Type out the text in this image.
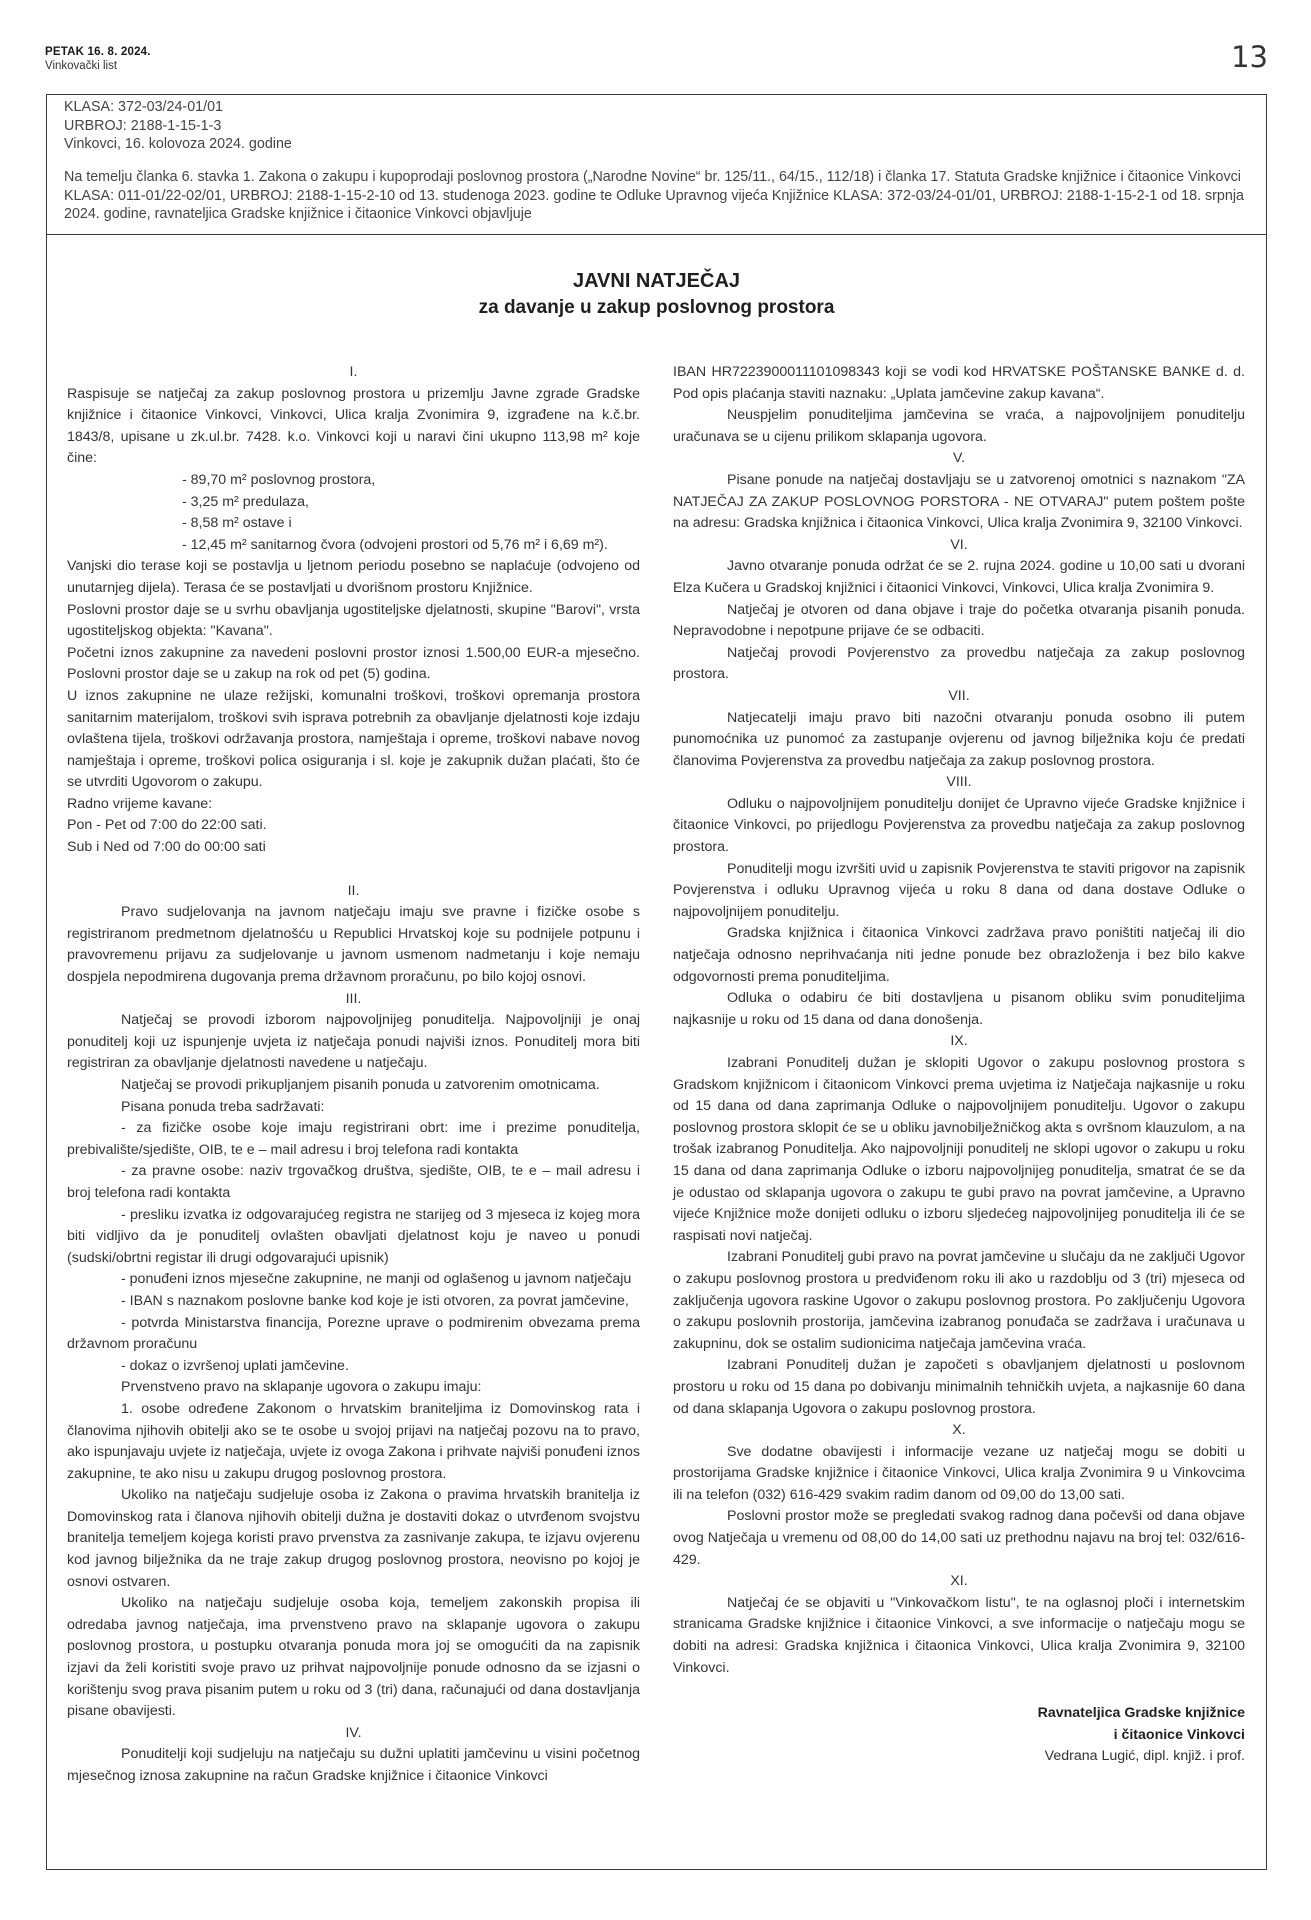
PETAK 16. 8. 2024.
Vinkovački list	13
KLASA: 372-03/24-01/01
URBROJ: 2188-1-15-1-3
Vinkovci, 16. kolovoza 2024. godine
Na temelju članka 6. stavka 1. Zakona o zakupu i kupoprodaji poslovnog prostora („Narodne Novine“ br. 125/11., 64/15., 112/18) i članka 17. Statuta Gradske knjižnice i čitaonice Vinkovci KLASA: 011-01/22-02/01, URBROJ: 2188-1-15-2-10 od 13. studenoga 2023. godine te Odluke Upravnog vijeća Knjižnice KLASA: 372-03/24-01/01, URBROJ: 2188-1-15-2-1 od 18. srpnja 2024. godine, ravnateljica Gradske knjižnice i čitaonice Vinkovci objavljuje
JAVNI NATJEČAJ
za davanje u zakup poslovnog prostora
I.
Raspisuje se natječaj za zakup poslovnog prostora u prizemlju Javne zgrade Gradske knjižnice i čitaonice Vinkovci, Vinkovci, Ulica kralja Zvonimira 9, izgrađene na k.č.br. 1843/8, upisane u zk.ul.br. 7428. k.o. Vinkovci koji u naravi čini ukupno 113,98 m² koje čine:
- 89,70 m² poslovnog prostora,
- 3,25 m² predulaza,
- 8,58 m² ostave i
- 12,45 m² sanitarnog čvora (odvojeni prostori od 5,76 m² i 6,69 m²).
Vanjski dio terase koji se postavlja u ljetnom periodu posebno se naplaćuje (odvojeno od unutarnjeg dijela). Terasa će se postavljati u dvorišnom prostoru Knjižnice.
Poslovni prostor daje se u svrhu obavljanja ugostiteljske djelatnosti, skupine "Barovi", vrsta ugostiteljskog objekta: "Kavana".
Početni iznos zakupnine za navedeni poslovni prostor iznosi 1.500,00 EUR-a mjesečno. Poslovni prostor daje se u zakup na rok od pet (5) godina.
U iznos zakupnine ne ulaze režijski, komunalni troškovi, troškovi opremanja prostora sanitarnim materijalom, troškovi svih isprava potrebnih za obavljanje djelatnosti koje izdaju ovlaštena tijela, troškovi održavanja prostora, namještaja i opreme, troškovi nabave novog namještaja i opreme, troškovi polica osiguranja i sl. koje je zakupnik dužan plaćati, što će se utvrditi Ugovorom o zakupu.
Radno vrijeme kavane:
Pon - Pet od 7:00 do 22:00 sati.
Sub i Ned od 7:00 do 00:00 sati
II.
Pravo sudjelovanja na javnom natječaju imaju sve pravne i fizičke osobe s registriranom predmetnom djelatnošću u Republici Hrvatskoj koje su podnijele potpunu i pravovremenu prijavu za sudjelovanje u javnom usmenom nadmetanju i koje nemaju dospjela nepodmirena dugovanja prema državnom proračunu, po bilo kojoj osnovi.
III.
Natječaj se provodi izborom najpovoljnijeg ponuditelja. Najpovoljniji je onaj ponuditelj koji uz ispunjenje uvjeta iz natječaja ponudi najviši iznos. Ponuditelj mora biti registriran za obavljanje djelatnosti navedene u natječaju.
Natječaj se provodi prikupljanjem pisanih ponuda u zatvorenim omotnicama.
Pisana ponuda treba sadržavati:
- za fizičke osobe koje imaju registrirani obrt: ime i prezime ponuditelja, prebivalište/sjedište, OIB, te e – mail adresu i broj telefona radi kontakta
- za pravne osobe: naziv trgovačkog društva, sjedište, OIB, te e – mail adresu i broj telefona radi kontakta
- presliku izvatka iz odgovarajućeg registra ne starijeg od 3 mjeseca iz kojeg mora biti vidljivo da je ponuditelj ovlašten obavljati djelatnost koju je naveo u ponudi (sudski/obrtni registar ili drugi odgovarajući upisnik)
- ponuđeni iznos mjesečne zakupnine, ne manji od oglašenog u javnom natječaju
- IBAN s naznakom poslovne banke kod koje je isti otvoren, za povrat jamčevine,
- potvrda Ministarstva financija, Porezne uprave o podmirenim obvezama prema državnom proračunu
- dokaz o izvršenoj uplati jamčevine.
Prvenstveno pravo na sklapanje ugovora o zakupu imaju:
1. osobe određene Zakonom o hrvatskim braniteljima iz Domovinskog rata i članovima njihovih obitelji ako se te osobe u svojoj prijavi na natječaj pozovu na to pravo, ako ispunjavaju uvjete iz natječaja, uvjete iz ovoga Zakona i prihvate najviši ponuđeni iznos zakupnine, te ako nisu u zakupu drugog poslovnog prostora.
Ukoliko na natječaju sudjeluje osoba iz Zakona o pravima hrvatskih branitelja iz Domovinskog rata i članova njihovih obitelji dužna je dostaviti dokaz o utvrđenom svojstvu branitelja temeljem kojega koristi pravo prvenstva za zasnivanje zakupa, te izjavu ovjerenu kod javnog bilježnika da ne traje zakup drugog poslovnog prostora, neovisno po kojoj je osnovi ostvaren.
Ukoliko na natječaju sudjeluje osoba koja, temeljem zakonskih propisa ili odredaba javnog natječaja, ima prvenstveno pravo na sklapanje ugovora o zakupu poslovnog prostora, u postupku otvaranja ponuda mora joj se omogućiti da na zapisnik izjavi da želi koristiti svoje pravo uz prihvat najpovoljnije ponude odnosno da se izjasni o korištenju svog prava pisanim putem u roku od 3 (tri) dana, računajući od dana dostavljanja pisane obavijesti.
IV.
Ponuditelji koji sudjeluju na natječaju su dužni uplatiti jamčevinu u visini početnog mjesečnog iznosa zakupnine na račun Gradske knjižnice i čitaonice Vinkovci
IBAN HR7223900011101098343 koji se vodi kod HRVATSKE POŠTANSKE BANKE d. d. Pod opis plaćanja staviti naznaku: „Uplata jamčevine zakup kavana“.
Neuspjelim ponuditeljima jamčevina se vraća, a najpovoljnijem ponuditelju uračunava se u cijenu prilikom sklapanja ugovora.
V.
Pisane ponude na natječaj dostavljaju se u zatvorenoj omotnici s naznakom "ZA NATJEČAJ ZA ZAKUP POSLOVNOG PORSTORA - NE OTVARAJ" putem poštem pošte na adresu: Gradska knjižnica i čitaonica Vinkovci, Ulica kralja Zvonimira 9, 32100 Vinkovci.
VI.
Javno otvaranje ponuda održat će se 2. rujna 2024. godine u 10,00 sati u dvorani Elza Kučera u Gradskoj knjižnici i čitaonici Vinkovci, Vinkovci, Ulica kralja Zvonimira 9.
Natječaj je otvoren od dana objave i traje do početka otvaranja pisanih ponuda. Nepravodobne i nepotpune prijave će se odbaciti.
Natječaj provodi Povjerenstvo za provedbu natječaja za zakup poslovnog prostora.
VII.
Natjecatelji imaju pravo biti nazočni otvaranju ponuda osobno ili putem punomoćnika uz punomoć za zastupanje ovjerenu od javnog bilježnika koju će predati članovima Povjerenstva za provedbu natječaja za zakup poslovnog prostora.
VIII.
Odluku o najpovoljnijem ponuditelju donijet će Upravno vijeće Gradske knjižnice i čitaonice Vinkovci, po prijedlogu Povjerenstva za provedbu natječaja za zakup poslovnog prostora.
Ponuditelji mogu izvršiti uvid u zapisnik Povjerenstva te staviti prigovor na zapisnik Povjerenstva i odluku Upravnog vijeća u roku 8 dana od dana dostave Odluke o najpovoljnijem ponuditelju.
Gradska knjižnica i čitaonica Vinkovci zadržava pravo poništiti natječaj ili dio natječaja odnosno neprihvaćanja niti jedne ponude bez obrazloženja i bez bilo kakve odgovornosti prema ponuditeljima.
Odluka o odabiru će biti dostavljena u pisanom obliku svim ponuditeljima najkasnije u roku od 15 dana od dana donošenja.
IX.
Izabrani Ponuditelj dužan je sklopiti Ugovor o zakupu poslovnog prostora s Gradskom knjižnicom i čitaonicom Vinkovci prema uvjetima iz Natječaja najkasnije u roku od 15 dana od dana zaprimanja Odluke o najpovoljnijem ponuditelju. Ugovor o zakupu poslovnog prostora sklopit će se u obliku javnobilježničkog akta s ovršnom klauzulom, a na trošak izabranog Ponuditelja. Ako najpovoljniji ponuditelj ne sklopi ugovor o zakupu u roku 15 dana od dana zaprimanja Odluke o izboru najpovoljnijeg ponuditelja, smatrat će se da je odustao od sklapanja ugovora o zakupu te gubi pravo na povrat jamčevine, a Upravno vijeće Knjižnice može donijeti odluku o izboru sljedećeg najpovoljnijeg ponuditelja ili će se raspisati novi natječaj.
Izabrani Ponuditelj gubi pravo na povrat jamčevine u slučaju da ne zaključi Ugovor o zakupu poslovnog prostora u predviđenom roku ili ako u razdoblju od 3 (tri) mjeseca od zaključenja ugovora raskine Ugovor o zakupu poslovnog prostora. Po zaključenju Ugovora o zakupu poslovnih prostorija, jamčevina izabranog ponuđača se zadržava i uračunava u zakupninu, dok se ostalim sudionicima natječaja jamčevina vraća.
Izabrani Ponuditelj dužan je započeti s obavljanjem djelatnosti u poslovnom prostoru u roku od 15 dana po dobivanju minimalnih tehničkih uvjeta, a najkasnije 60 dana od dana sklapanja Ugovora o zakupu poslovnog prostora.
X.
Sve dodatne obavijesti i informacije vezane uz natječaj mogu se dobiti u prostorijama Gradske knjižnice i čitaonice Vinkovci, Ulica kralja Zvonimira 9 u Vinkovcima ili na telefon (032) 616-429 svakim radim danom od 09,00 do 13,00 sati.
Poslovni prostor može se pregledati svakog radnog dana počevši od dana objave ovog Natječaja u vremenu od 08,00 do 14,00 sati uz prethodnu najavu na broj tel: 032/616-429.
XI.
Natječaj će se objaviti u "Vinkovačkom listu", te na oglasnoj ploči i internetskim stranicama Gradske knjižnice i čitaonice Vinkovci, a sve informacije o natječaju mogu se dobiti na adresi: Gradska knjižnica i čitaonica Vinkovci, Ulica kralja Zvonimira 9, 32100 Vinkovci.
Ravnateljica Gradske knjižnice
i čitaonice Vinkovci
Vedrana Lugić, dipl. knjiž. i prof.
